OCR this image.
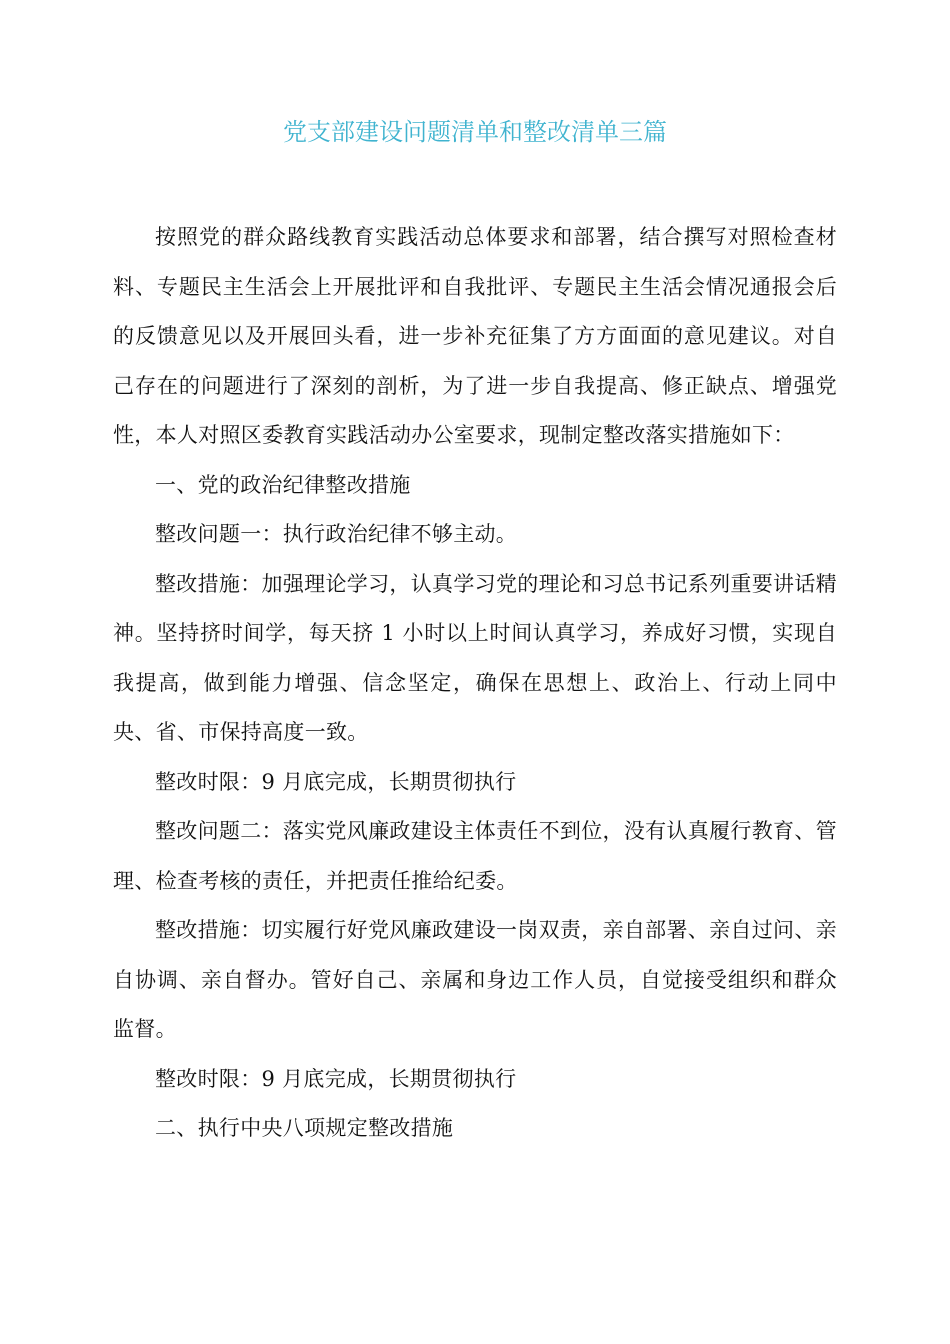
党支部建设问题清单和整改清单三篇

按照党的群众路线教育实践活动总体要求和部署，结合撰写对照检查材料、专题民主生活会上开展批评和自我批评、专题民主生活会情况通报会后的反馈意见以及开展回头看，进一步补充征集了方方面面的意见建议。对自己存在的问题进行了深刻的剖析，为了进一步自我提高、修正缺点、增强党性，本人对照区委教育实践活动办公室要求，现制定整改落实措施如下：

一、党的政治纪律整改措施

整改问题一：执行政治纪律不够主动。

整改措施：加强理论学习，认真学习党的理论和习总书记系列重要讲话精神。坚持挤时间学，每天挤 1 小时以上时间认真学习，养成好习惯，实现自我提高，做到能力增强、信念坚定，确保在思想上、政治上、行动上同中央、省、市保持高度一致。

整改时限：9 月底完成，长期贯彻执行

整改问题二：落实党风廉政建设主体责任不到位，没有认真履行教育、管理、检查考核的责任，并把责任推给纪委。

整改措施：切实履行好党风廉政建设一岗双责，亲自部署、亲自过问、亲自协调、亲自督办。管好自己、亲属和身边工作人员，自觉接受组织和群众监督。

整改时限：9 月底完成，长期贯彻执行

二、执行中央八项规定整改措施
